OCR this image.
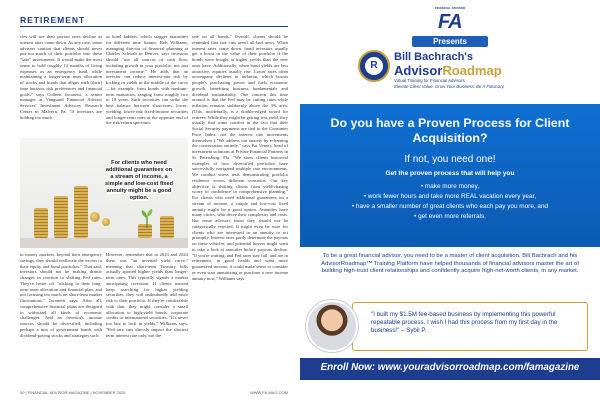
RETIREMENT

cles will see their payout rates decline as interest rates come down. As any case, some advisors caution that clients should never put too much of their portfolio into these "safe" investments. It would make the most sense to hold roughly 12 months of living expenses as an emergency fund, while maintaining a longer-term asset allocation of stocks and bonds that aligns with [their] time horizon, risk preferences and financial goals," says Colleen Jaconetti, a senior manager at Vanguard Financial Advisor Services' Investment Advisory Research Center in Malvern, Pa. "If investors are holding too much

as bond ladders, which stagger maturities for different time frames. Rob Williams, managing director of financial planning at Charles Schwab in Denver, says investors should "use all sources of cash flow, including growth in your portfolio, not just investment income." He adds that an investor can reduce interest-rate risk by locking in yields in the middle of the curve—for example, from bonds with medium-term maturities, ranging from roughly two to 10 years. Such securities can strike the best balance between short-term, lower-yielding, lower-risk fixed-income securities and longer-term ones at the opposite end of the risk/return spectrum.

rate on all bonds." Overall, clients should be reminded that rate cuts aren't all bad news. When interest rates come down, bond investors usually get a boost in the value of their portfolio if the bonds were bought at higher yields than the new ones have. Additionally, when bond yields are less attractive, equities usually rise. Lower rates often accompany declines in inflation, which boosts people's purchasing power and fuels economic growth, benefiting business fundamentals and dividend sustainability. One concern this time around is that the Fed may be cutting rates while inflation remains stubbornly above the 3% area. (This, incidentally, is a double-edged sword for retirees. While they might be getting less yield, they usually find some comfort in the fact that their Social Security payments are tied to the Consumer Price Index, not the interest rate movements themselves.) "We address our anxiety by reframing the conversation entirely," says Pat Verney, head of investment solutions at Private Financial Partners in St. Petersburg, Fla. "We show clients historical examples of how diversified portfolios have successfully navigated multiple rate environments. We conduct stress tests demonstrating portfolio resilience across different scenarios. Our key objective is shifting clients from yield-chasing worry to confidence in comprehensive planning." For clients who need additional guarantees on a stream of income, a simple and low-cost fixed annuity might be a good option. Annuities have many critics, who decry their complexity and costs. But some advisors insist they should not be categorically rejected. It might even be wise for clients who are interested in an annuity to act promptly. Interest rates partly determine the payouts on these vehicles, and potential buyers might want to take a look at annuities before payouts decline. "If you're waiting, and Fed rates stay full, and are in retirement, in good health and want more guaranteed income, it could make sense to consider or even start annuitizing or purchase a new income annuity now," Williams says.

For clients who need additional guarantees on a stream of income, a simple and low-cost fixed annuity might be a good option.

in money markets, beyond their emergency savings, they should reallocate the excess to their equity and bond portfolios." That said, investors should not be making drastic changes in reaction to shifting Fed rates. They're better off "sticking to their long-term asset allocation and financial plan, and not focusing too much on short-term market fluctuations," Jaconetti says. After all, comprehensive financial plans are designed to withstand all kinds of economic challenges. And an investor's income sources should be diversified, including perhaps a mix of government bonds with dividend-paying stocks and strategies such

However, remember that in 2023 and 2024 there was "an inverted yield curve," meaning that short-term Treasury bills actually sported higher yields than longer-term ones. This typically signals a market anticipating recession. If clients instead keep searching for higher yielding securities, they will undoubtedly add more risk to their portfolio. If they're comfortable with that, they might consider a small allocation to high-yield bonds, corporate credits or international securities. "It's never too late to lock in yields," Williams says. "Fed rate cuts directly impact the shortest term interest rate only, not the

50 | FINANCIAL ADVISOR MAGAZINE | NOVEMBER 2025	WWW.FA-MAG.COM
FINANCIAL ADVISOR
FA
Presents
R
Bill Bachrach's
AdvisorRoadmap
Virtual Training for Financial Advisors
Elevate Client Value. Grow Your Business. Be A Fiduciary.
Do you have a Proven Process for Client Acquisition?
If not, you need one!
Get the proven process that will help you
• make more money,
• work fewer hours and take more REAL vacation every year,
• have a smaller number of great clients who each pay you more, and
• get even more referrals.
To be a great financial advisor, you need to be a master of client acquisition. Bill Bachrach and his AdvisorRoadmap™ Training Platform have helped thousands of financial advisors master the art of building high-trust client relationships and confidently acquire high-net-worth clients, in any market.
"I built my $1.5M fee-based business by implementing this powerful repeatable process. I wish I had this process from my first day in the business!" – Sybil P.
Enroll Now: www.youradvisorroadmap.com/famagazine
